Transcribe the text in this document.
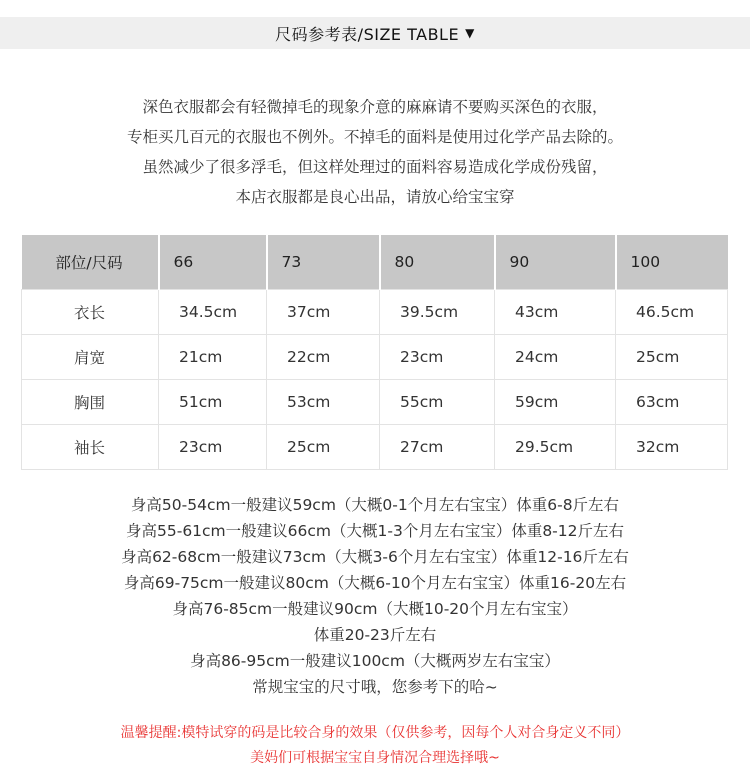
尺码参考表/SIZE TABLE ▼
深色衣服都会有轻微掉毛的现象介意的麻麻请不要购买深色的衣服，
专柜买几百元的衣服也不例外。不掉毛的面料是使用过化学产品去除的。
虽然减少了很多浮毛，但这样处理过的面料容易造成化学成份残留，
本店衣服都是良心出品，请放心给宝宝穿
部位/尺码	66	73	80	90	100
衣长	34.5cm	37cm	39.5cm	43cm	46.5cm
肩宽	21cm	22cm	23cm	24cm	25cm
胸围	51cm	53cm	55cm	59cm	63cm
袖长	23cm	25cm	27cm	29.5cm	32cm
身高50-54cm一般建议59cm（大概0-1个月左右宝宝）体重6-8斤左右
身高55-61cm一般建议66cm（大概1-3个月左右宝宝）体重8-12斤左右
身高62-68cm一般建议73cm（大概3-6个月左右宝宝）体重12-16斤左右
身高69-75cm一般建议80cm（大概6-10个月左右宝宝）体重16-20左右
身高76-85cm一般建议90cm（大概10-20个月左右宝宝）
体重20-23斤左右
身高86-95cm一般建议100cm（大概两岁左右宝宝）
常规宝宝的尺寸哦，您参考下的哈~
温馨提醒:模特试穿的码是比较合身的效果（仅供参考，因每个人对合身定义不同）
美妈们可根据宝宝自身情况合理选择哦~
